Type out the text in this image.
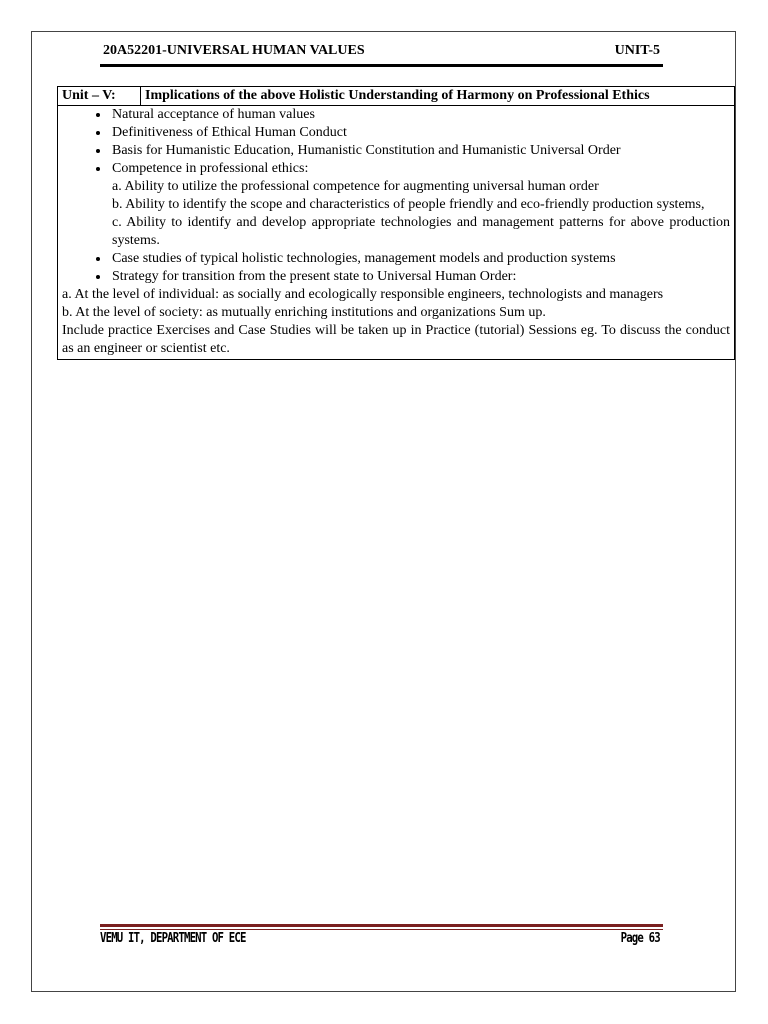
20A52201-UNIVERSAL HUMAN VALUES	UNIT-5
Unit – V:	Implications of the above Holistic Understanding of Harmony on Professional Ethics

• Natural acceptance of human values
• Definitiveness of Ethical Human Conduct
• Basis for Humanistic Education, Humanistic Constitution and Humanistic Universal Order
• Competence in professional ethics:
a. Ability to utilize the professional competence for augmenting universal human order
b. Ability to identify the scope and characteristics of people friendly and eco-friendly production systems,
c. Ability to identify and develop appropriate technologies and management patterns for above production systems.
• Case studies of typical holistic technologies, management models and production systems
• Strategy for transition from the present state to Universal Human Order:

a. At the level of individual: as socially and ecologically responsible engineers, technologists and managers

b. At the level of society: as mutually enriching institutions and organizations Sum up.

Include practice Exercises and Case Studies will be taken up in Practice (tutorial) Sessions eg. To discuss the conduct as an engineer or scientist etc.

VEMU IT, DEPARTMENT OF ECE	Page 63
